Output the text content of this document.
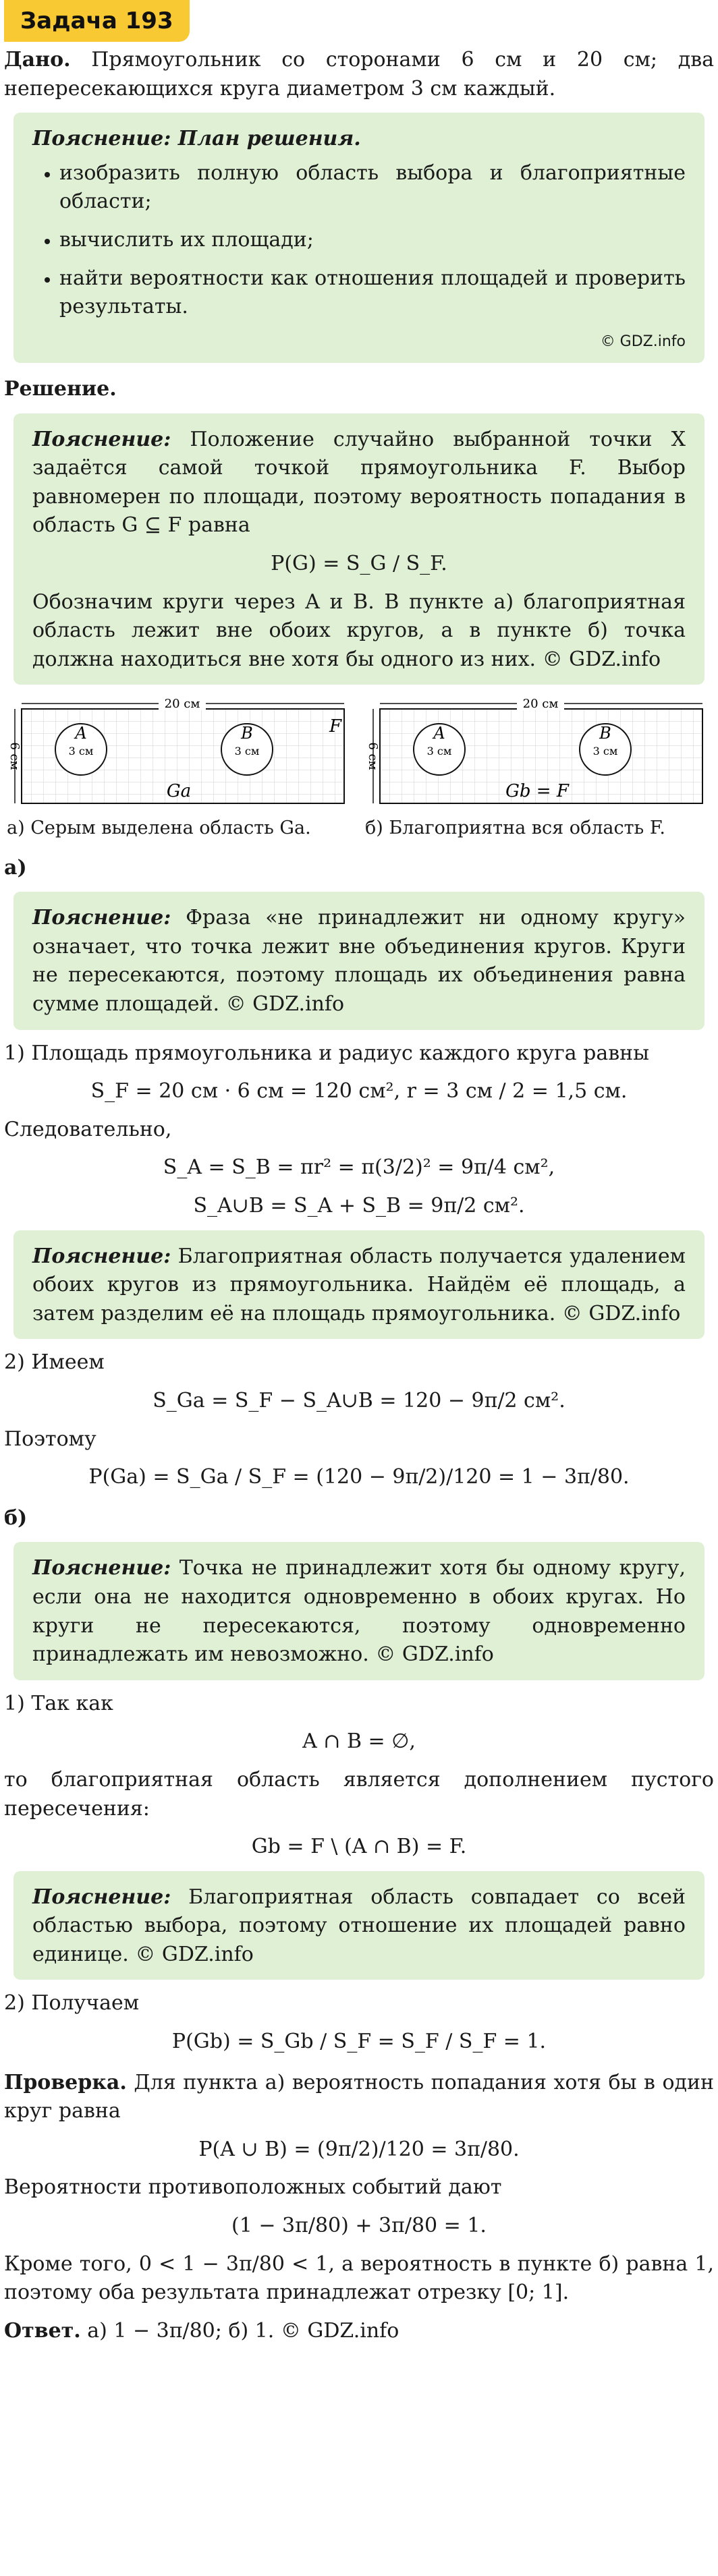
Задача 193

Дано. Прямоугольник со сторонами 6 см и 20 см; два непересекающихся круга диаметром 3 см каждый.

Пояснение: План решения.
• изобразить полную область выбора и благоприятные области;
• вычислить их площади;
• найти вероятности как отношения площадей и проверить результаты.
© GDZ.info
Решение.

Пояснение: Положение случайно выбранной точки X задаётся самой точкой прямоугольника F. Выбор равномерен по площади, поэтому вероятность попадания в область G ⊆ F равна

P(G) = S_G / S_F.

Обозначим круги через A и B. В пункте а) благоприятная область лежит вне обоих кругов, а в пункте б) точка должна находиться вне хотя бы одного из них. © GDZ.info

20 см
6 см
A	B
3 см	3 см
F
Ga
а) Серым выделена область Ga.
20 см
6 см
A	B
3 см	3 см
Gb = F
б) Благоприятна вся область F.
а)
Пояснение: Фраза «не принадлежит ни одному кругу» означает, что точка лежит вне объединения кругов. Круги не пересекаются, поэтому площадь их объединения равна сумме площадей. © GDZ.info

1) Площадь прямоугольника и радиус каждого круга равны

S_F = 20 см · 6 см = 120 см², r = 3 см / 2 = 1,5 см.

Следовательно,

S_A = S_B = πr² = π(3/2)² = 9π/4 см²,
S_A∪B = S_A + S_B = 9π/2 см².
Пояснение: Благоприятная область получается удалением обоих кругов из прямоугольника. Найдём её площадь, а затем разделим её на площадь прямоугольника. © GDZ.info

2) Имеем

S_Ga = S_F − S_A∪B = 120 − 9π/2 см².

Поэтому

P(Ga) = S_Ga / S_F = (120 − 9π/2)/120 = 1 − 3π/80.
б)
Пояснение: Точка не принадлежит хотя бы одному кругу, если она не находится одновременно в обоих кругах. Но круги не пересекаются, поэтому одновременно принадлежать им невозможно. © GDZ.info

1) Так как

A ∩ B = ∅,

то благоприятная область является дополнением пустого пересечения:

Gb = F \ (A ∩ B) = F.
Пояснение: Благоприятная область совпадает со всей областью выбора, поэтому отношение их площадей равно единице. © GDZ.info

2) Получаем

P(Gb) = S_Gb / S_F = S_F / S_F = 1.

Проверка. Для пункта а) вероятность попадания хотя бы в один круг равна

P(A ∪ B) = (9π/2)/120 = 3π/80.

Вероятности противоположных событий дают

(1 − 3π/80) + 3π/80 = 1.

Кроме того, 0 < 1 − 3π/80 < 1, а вероятность в пункте б) равна 1, поэтому оба результата принадлежат отрезку [0; 1].

Ответ. а) 1 − 3π/80; б) 1. © GDZ.info
